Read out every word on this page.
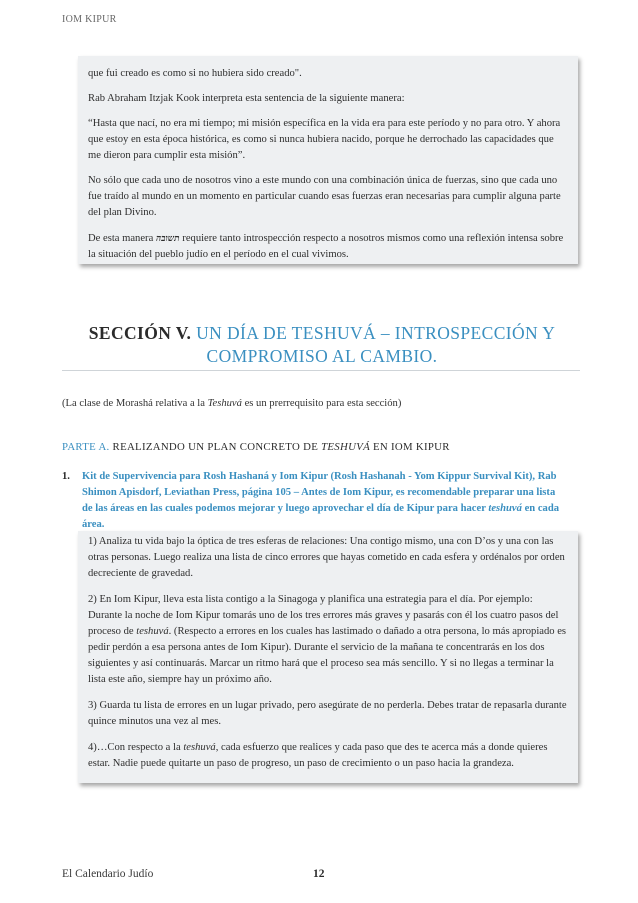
IOM KIPUR

que fui creado es como si no hubiera sido creado".

Rab Abraham Itzjak Kook interpreta esta sentencia de la siguiente manera:

“Hasta que nací, no era mi tiempo; mi misión específica en la vida era para este período y no para otro. Y ahora que estoy en esta época histórica, es como si nunca hubiera nacido, porque he derrochado las capacidades que me dieron para cumplir esta misión”.

No sólo que cada uno de nosotros vino a este mundo con una combinación única de fuerzas, sino que cada uno fue traído al mundo en un momento en particular cuando esas fuerzas eran necesarias para cumplir alguna parte del plan Divino.

De esta manera תשובה requiere tanto introspección respecto a nosotros mismos como una reflexión intensa sobre la situación del pueblo judío en el período en el cual vivimos.

SECCIÓN V. UN DÍA DE TESHUVÁ – INTROSPECCIÓN Y COMPROMISO AL CAMBIO.
(La clase de Morashá relativa a la Teshuvá es un prerrequisito para esta sección)
PARTE A. REALIZANDO UN PLAN CONCRETO DE TESHUVÁ EN IOM KIPUR
1. Kit de Supervivencia para Rosh Hashaná y Iom Kipur (Rosh Hashanah - Yom Kippur Survival Kit), Rab Shimon Apisdorf, Leviathan Press, página 105 – Antes de Iom Kipur, es recomendable preparar una lista de las áreas en las cuales podemos mejorar y luego aprovechar el día de Kipur para hacer teshuvá en cada área.

1) Analiza tu vida bajo la óptica de tres esferas de relaciones: Una contigo mismo, una con D’os y una con las otras personas. Luego realiza una lista de cinco errores que hayas cometido en cada esfera y ordénalos por orden decreciente de gravedad.

2) En Iom Kipur, lleva esta lista contigo a la Sinagoga y planifica una estrategia para el día. Por ejemplo: Durante la noche de Iom Kipur tomarás uno de los tres errores más graves y pasarás con él los cuatro pasos del proceso de teshuvá. (Respecto a errores en los cuales has lastimado o dañado a otra persona, lo más apropiado es pedir perdón a esa persona antes de Iom Kipur). Durante el servicio de la mañana te concentrarás en los dos siguientes y así continuarás. Marcar un ritmo hará que el proceso sea más sencillo. Y si no llegas a terminar la lista este año, siempre hay un próximo año.

3) Guarda tu lista de errores en un lugar privado, pero asegúrate de no perderla. Debes tratar de repasarla durante quince minutos una vez al mes.

4)…Con respecto a la teshuvá, cada esfuerzo que realices y cada paso que des te acerca más a donde quieres estar. Nadie puede quitarte un paso de progreso, un paso de crecimiento o un paso hacia la grandeza.

El Calendario Judío	12
